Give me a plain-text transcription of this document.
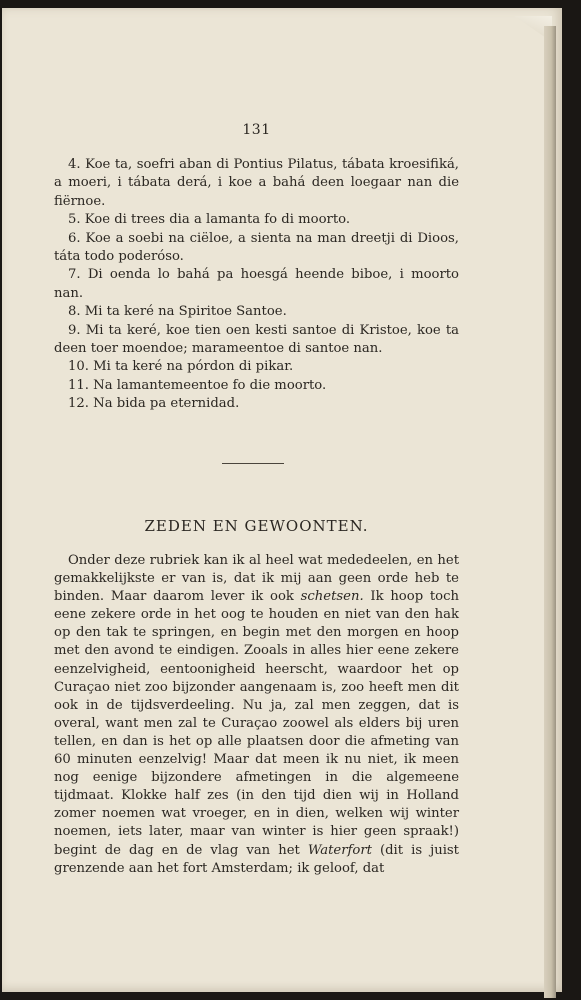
131

4. Koe ta, soefri aban di Pontius Pilatus, tábata kroesifiká, a moeri, i tábata derá, i koe a bahá deen loegaar nan die fiërnoe.

5. Koe di trees dia a lamanta fo di moorto.

6. Koe a soebi na ciëloe, a sienta na man dreetji di Dioos, táta todo poderóso.

7. Di oenda lo bahá pa hoesgá heende biboe, i moorto nan.

8. Mi ta keré na Spiritoe Santoe.

9. Mi ta keré, koe tien oen kesti santoe di Kristoe, koe ta deen toer moendoe; marameentoe di santoe nan.

10. Mi ta keré na pórdon di pikar.

11. Na lamantemeentoe fo die moorto.

12. Na bida pa eternidad.

ZEDEN EN GEWOONTEN.

Onder deze rubriek kan ik al heel wat mededeelen, en het gemakkelijkste er van is, dat ik mij aan geen orde heb te binden. Maar daarom lever ik ook schetsen. Ik hoop toch eene zekere orde in het oog te houden en niet van den hak op den tak te springen, en begin met den morgen en hoop met den avond te eindigen. Zooals in alles hier eene zekere eenzelvigheid, eentoonigheid heerscht, waardoor het op Curaçao niet zoo bijzonder aangenaam is, zoo heeft men dit ook in de tijdsverdeeling. Nu ja, zal men zeggen, dat is overal, want men zal te Curaçao zoowel als elders bij uren tellen, en dan is het op alle plaatsen door die afmeting van 60 minuten eenzelvig! Maar dat meen ik nu niet, ik meen nog eenige bijzondere afmetingen in die algemeene tijdmaat. Klokke half zes (in den tijd dien wij in Holland zomer noemen wat vroeger, en in dien, welken wij winter noemen, iets later, maar van winter is hier geen spraak!) begint de dag en de vlag van het Waterfort (dit is juist grenzende aan het fort Amsterdam; ik geloof, dat
